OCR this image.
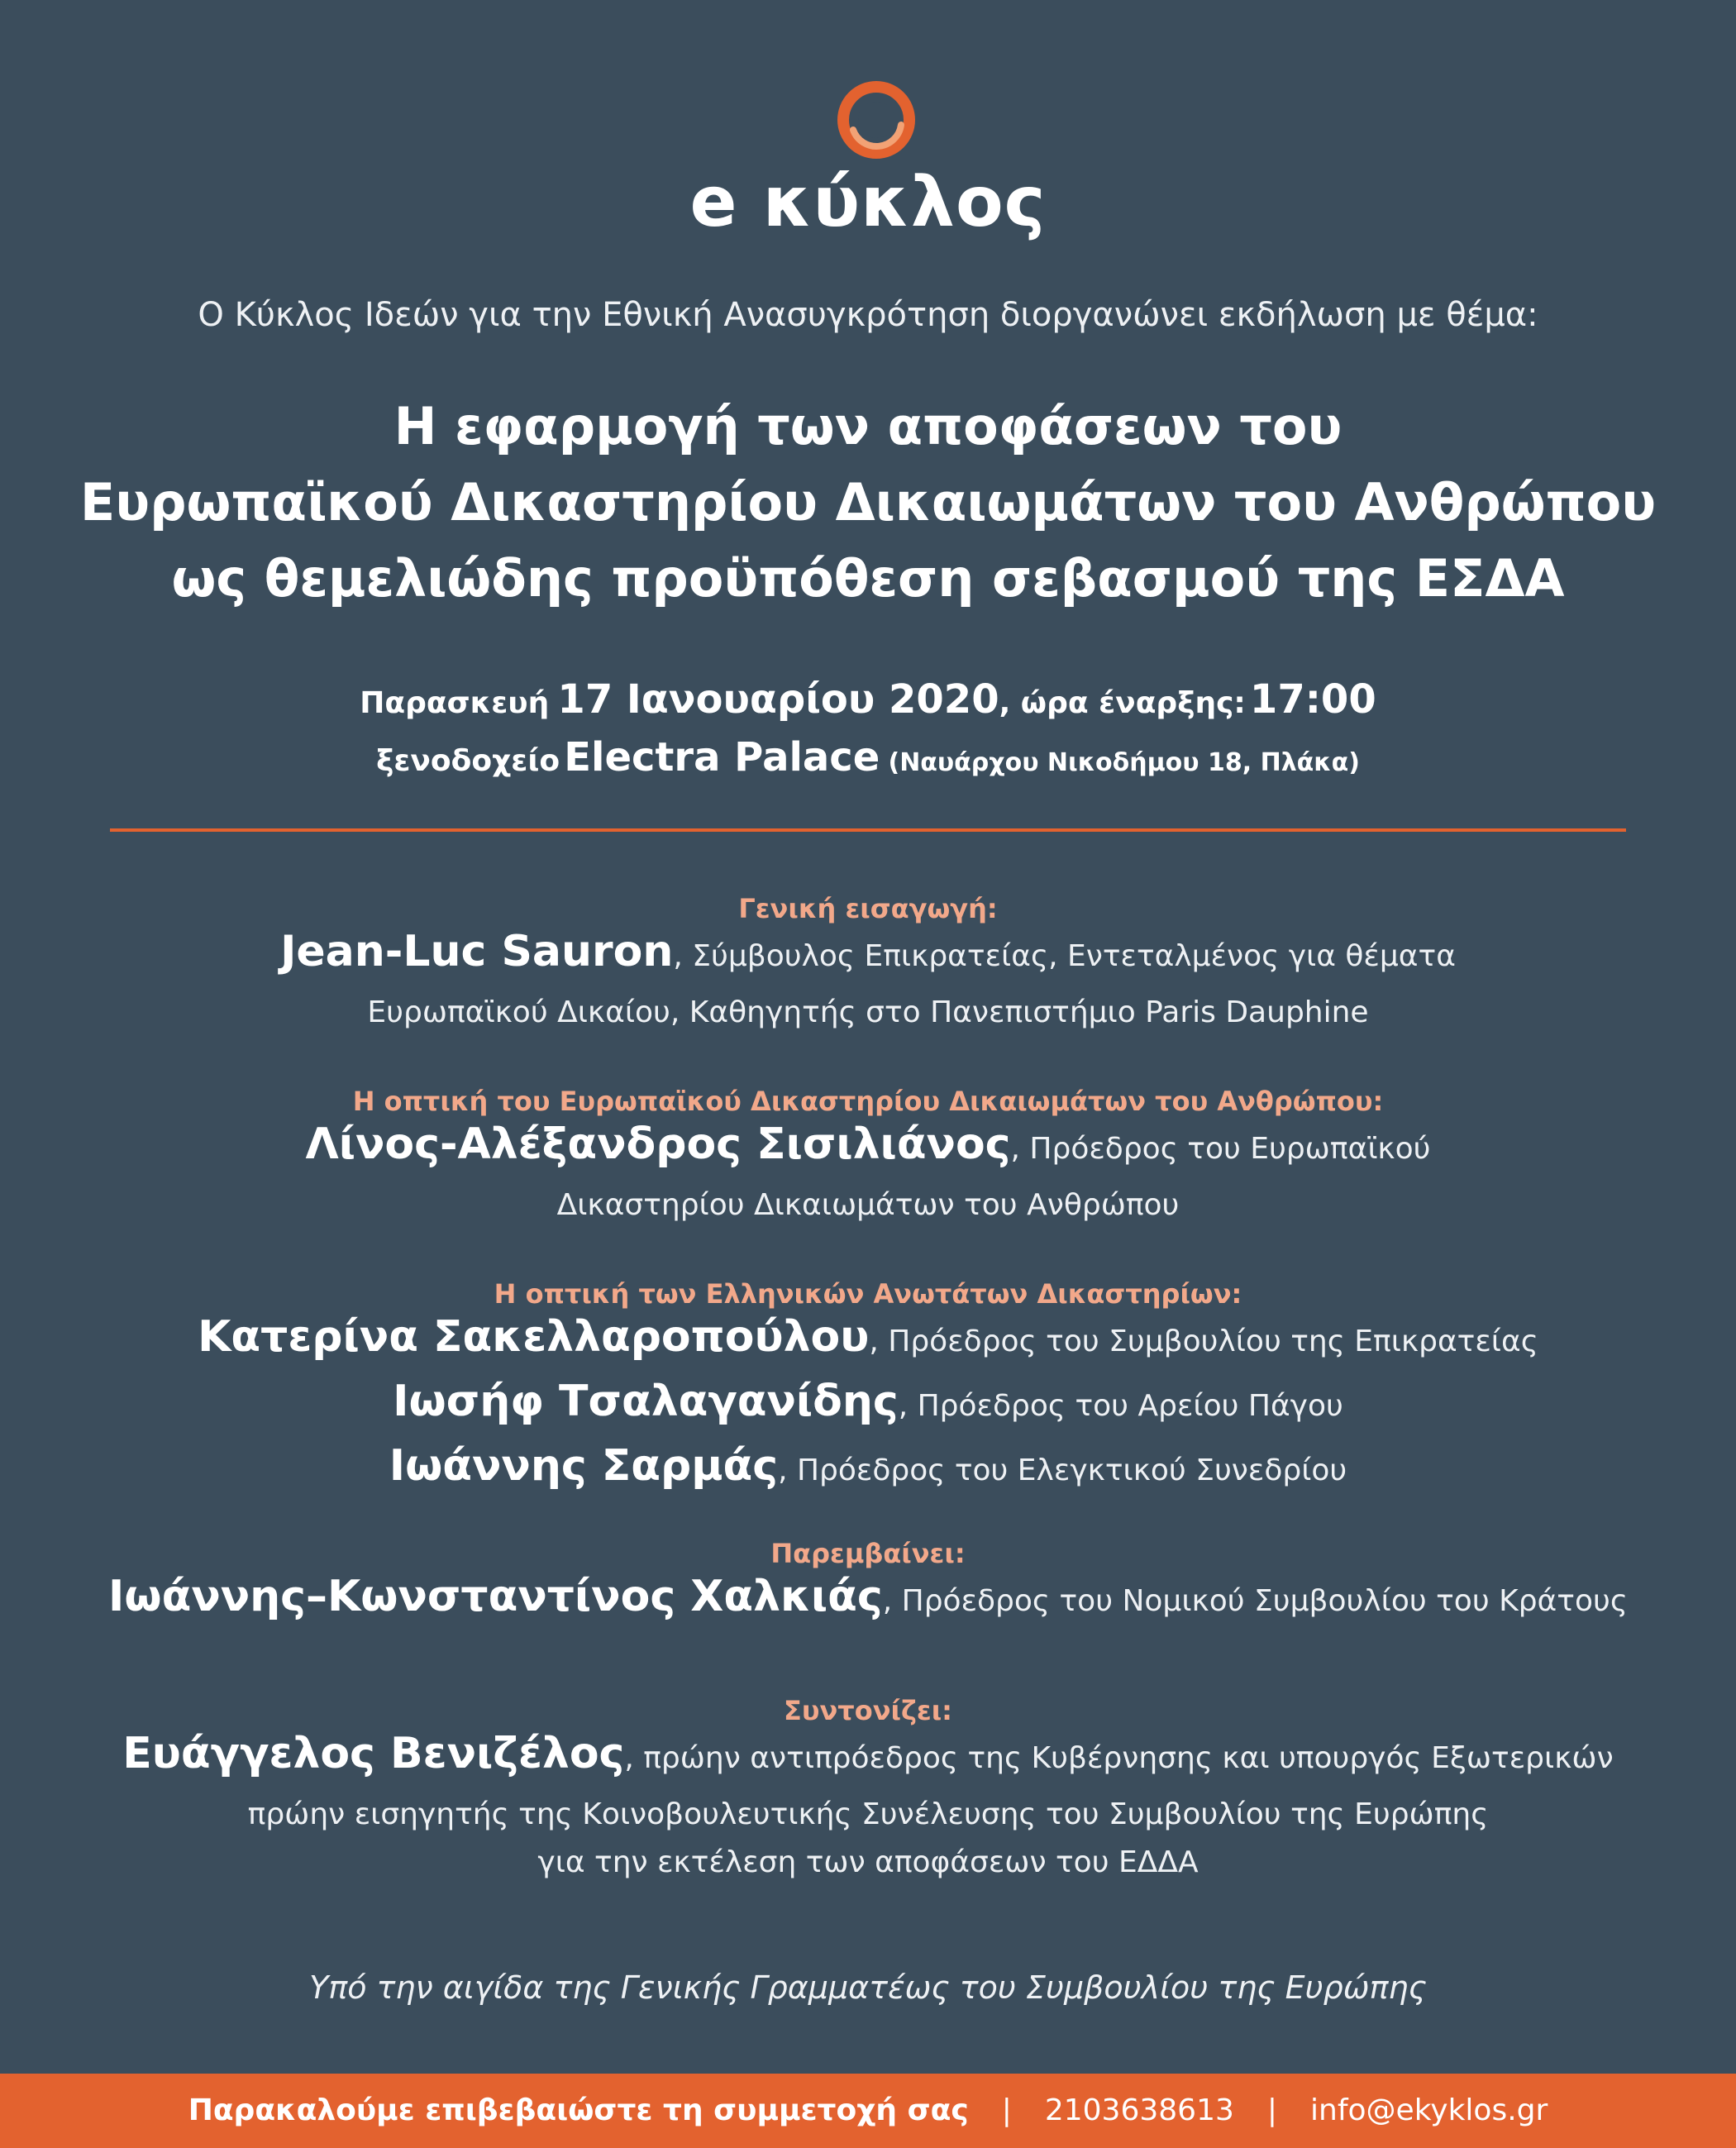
e κύκλος
Ο Κύκλος Ιδεών για την Εθνική Ανασυγκρότηση διοργανώνει εκδήλωση με θέμα:
Η εφαρμογή των αποφάσεων του
Ευρωπαϊκού Δικαστηρίου Δικαιωμάτων του Ανθρώπου
ως θεμελιώδης προϋπόθεση σεβασμού της ΕΣΔΑ
Παρασκευή 17 Ιανουαρίου 2020, ώρα έναρξης: 17:00
ξενοδοχείο Electra Palace (Ναυάρχου Νικοδήμου 18, Πλάκα)
Γενική εισαγωγή:
Jean-Luc Sauron, Σύμβουλος Επικρατείας, Εντεταλμένος για θέματα
Ευρωπαϊκού Δικαίου, Καθηγητής στο Πανεπιστήμιο Paris Dauphine
Η οπτική του Ευρωπαϊκού Δικαστηρίου Δικαιωμάτων του Ανθρώπου:
Λίνος-Αλέξανδρος Σισιλιάνος, Πρόεδρος του Ευρωπαϊκού
Δικαστηρίου Δικαιωμάτων του Ανθρώπου
Η οπτική των Ελληνικών Ανωτάτων Δικαστηρίων:
Κατερίνα Σακελλαροπούλου, Πρόεδρος του Συμβουλίου της Επικρατείας
Ιωσήφ Τσαλαγανίδης, Πρόεδρος του Αρείου Πάγου
Ιωάννης Σαρμάς, Πρόεδρος του Ελεγκτικού Συνεδρίου
Παρεμβαίνει:
Ιωάννης–Κωνσταντίνος Χαλκιάς, Πρόεδρος του Νομικού Συμβουλίου του Κράτους
Συντονίζει:
Ευάγγελος Βενιζέλος, πρώην αντιπρόεδρος της Κυβέρνησης και υπουργός Εξωτερικών
πρώην εισηγητής της Κοινοβουλευτικής Συνέλευσης του Συμβουλίου της Ευρώπης
για την εκτέλεση των αποφάσεων του ΕΔΔΑ
Υπό την αιγίδα της Γενικής Γραμματέως του Συμβουλίου της Ευρώπης
Παρακαλούμε επιβεβαιώστε τη συμμετοχή σας | 2103638613 | info@ekyklos.gr
